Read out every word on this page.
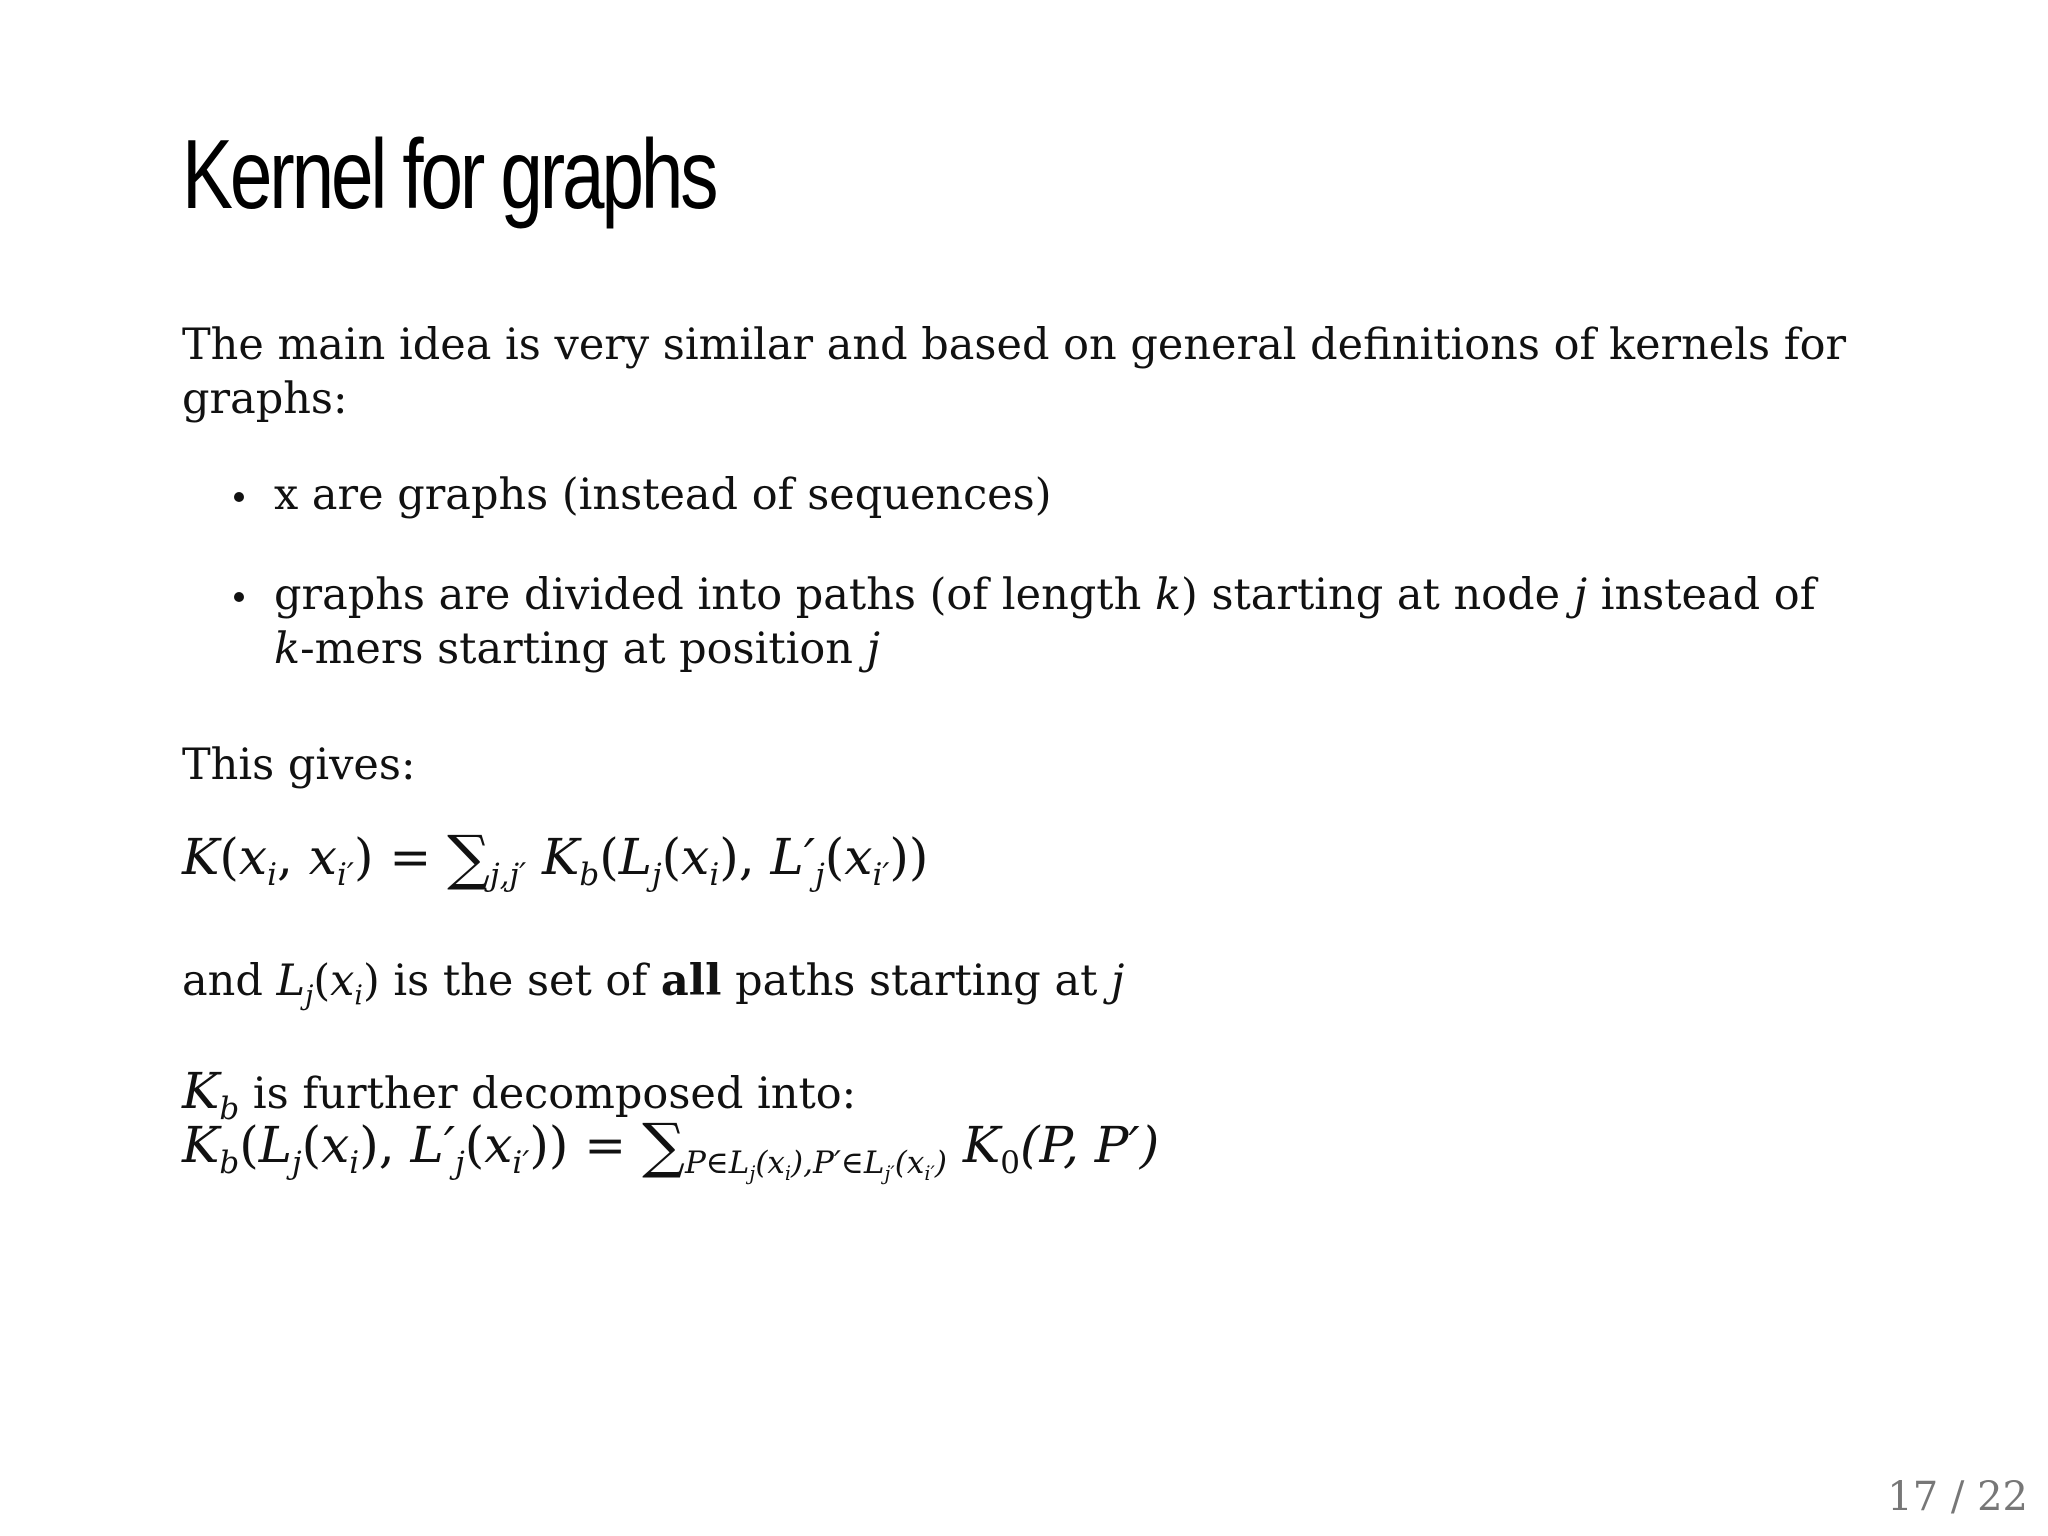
Kernel for graphs

The main idea is very similar and based on general definitions of kernels for graphs:

x are graphs (instead of sequences)
graphs are divided into paths (of length k) starting at node j instead of k-mers starting at position j

This gives:

$K(x_i$, $x_{i'}) = \sum_{j,j'}$ $K_b(L_j(x_i)$, $L'_j(x_{i'})$)

and $L_j(x_i)$ is the set of all paths starting at j

$K_b$ is further decomposed into:

$K_b(L_j(x_i)$, $L'_j(x_{i'})) = \sum_{P\in L_j(x_i),P'\in L_{j'}(x_{i'})}$ $K_0(P$, P′)
17 / 22
